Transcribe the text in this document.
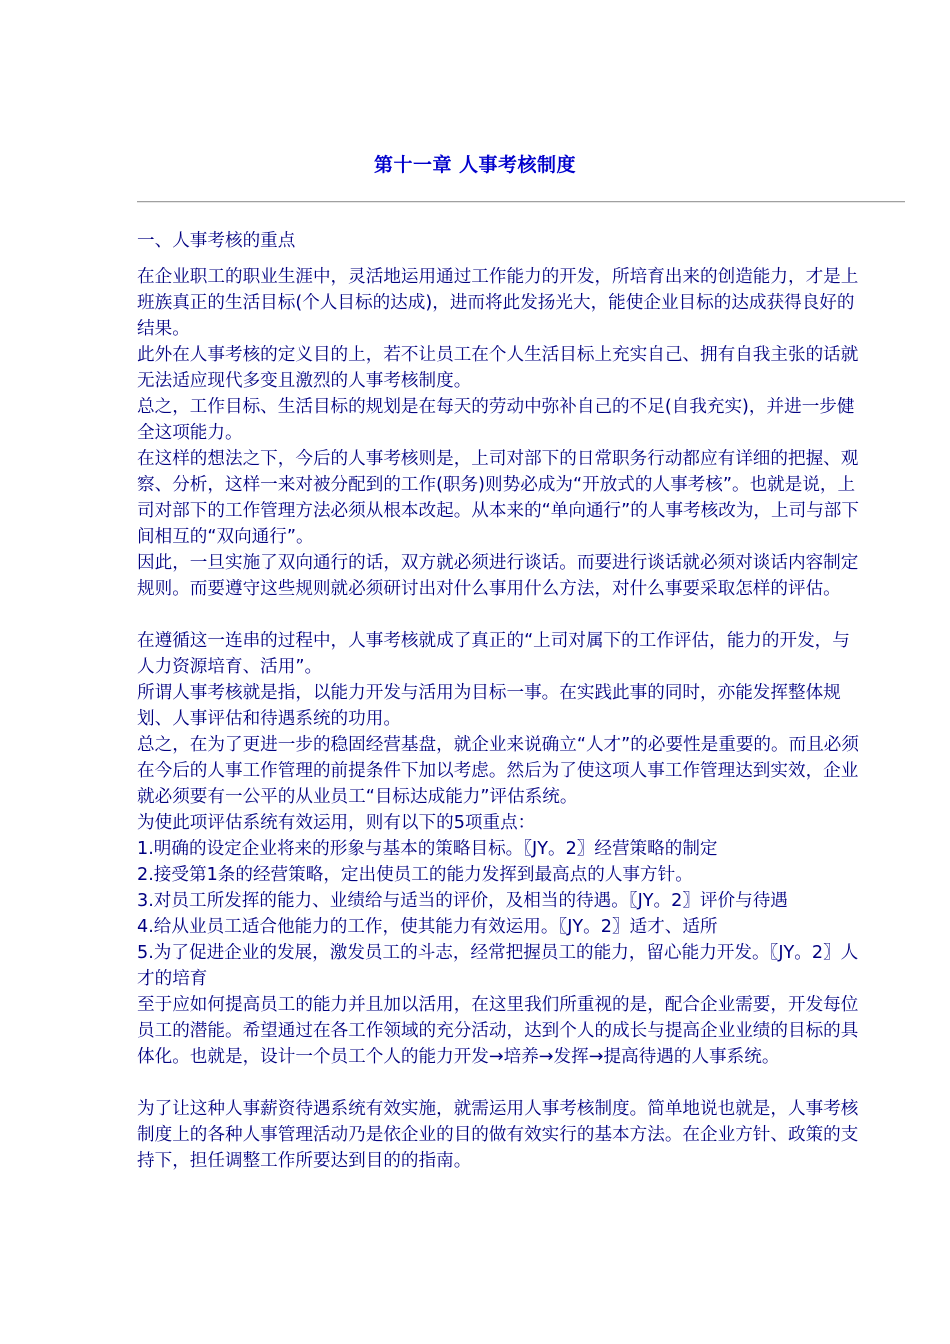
第十一章 人事考核制度

一、人事考核的重点

在企业职工的职业生涯中，灵活地运用通过工作能力的开发，所培育出来的创造能力，才是上班族真正的生活目标(个人目标的达成)，进而将此发扬光大，能使企业目标的达成获得良好的结果。

此外在人事考核的定义目的上，若不让员工在个人生活目标上充实自己、拥有自我主张的话就无法适应现代多变且激烈的人事考核制度。

总之，工作目标、生活目标的规划是在每天的劳动中弥补自己的不足(自我充实)，并进一步健全这项能力。

在这样的想法之下，今后的人事考核则是，上司对部下的日常职务行动都应有详细的把握、观察、分析，这样一来对被分配到的工作(职务)则势必成为“开放式的人事考核”。也就是说，上司对部下的工作管理方法必须从根本改起。从本来的“单向通行”的人事考核改为，上司与部下间相互的“双向通行”。

因此，一旦实施了双向通行的话，双方就必须进行谈话。而要进行谈话就必须对谈话内容制定规则。而要遵守这些规则就必须研讨出对什么事用什么方法，对什么事要采取怎样的评估。

在遵循这一连串的过程中，人事考核就成了真正的“上司对属下的工作评估，能力的开发，与人力资源培育、活用”。

所谓人事考核就是指，以能力开发与活用为目标一事。在实践此事的同时，亦能发挥整体规划、人事评估和待遇系统的功用。

总之，在为了更进一步的稳固经营基盘，就企业来说确立“人才”的必要性是重要的。而且必须在今后的人事工作管理的前提条件下加以考虑。然后为了使这项人事工作管理达到实效，企业就必须要有一公平的从业员工“目标达成能力”评估系统。

为使此项评估系统有效运用，则有以下的5项重点：

1.明确的设定企业将来的形象与基本的策略目标。〖JY。2〗经营策略的制定

2.接受第1条的经营策略，定出使员工的能力发挥到最高点的人事方针。

3.对员工所发挥的能力、业绩给与适当的评价，及相当的待遇。〖JY。2〗评价与待遇

4.给从业员工适合他能力的工作，使其能力有效运用。〖JY。2〗适才、适所

5.为了促进企业的发展，激发员工的斗志，经常把握员工的能力，留心能力开发。〖JY。2〗人才的培育

至于应如何提高员工的能力并且加以活用，在这里我们所重视的是，配合企业需要，开发每位员工的潜能。希望通过在各工作领域的充分活动，达到个人的成长与提高企业业绩的目标的具体化。也就是，设计一个员工个人的能力开发→培养→发挥→提高待遇的人事系统。

为了让这种人事薪资待遇系统有效实施，就需运用人事考核制度。简单地说也就是，人事考核制度上的各种人事管理活动乃是依企业的目的做有效实行的基本方法。在企业方针、政策的支持下，担任调整工作所要达到目的的指南。
